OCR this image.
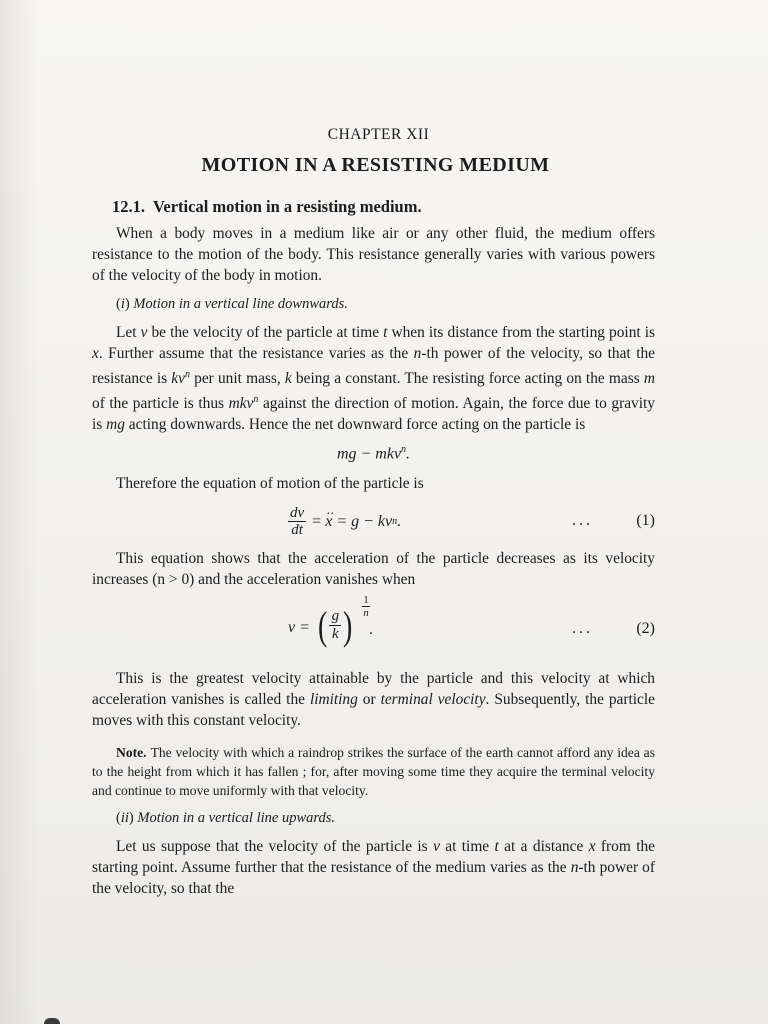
CHAPTER XII
MOTION IN A RESISTING MEDIUM
12.1. Vertical motion in a resisting medium.

When a body moves in a medium like air or any other fluid, the medium offers resistance to the motion of the body. This resistance generally varies with various powers of the velocity of the body in motion.

(i) Motion in a vertical line downwards.

Let v be the velocity of the particle at time t when its distance from the starting point is x. Further assume that the resistance varies as the n-th power of the velocity, so that the resistance is $kv^n$ per unit mass, k being a constant. The resisting force acting on the mass m of the particle is thus mkv$^n$ against the direction of motion. Again, the force due to gravity is mg acting downwards. Hence the net downward force acting on the particle is

mg − mkv$^n$.

Therefore the equation of motion of the particle is

$\frac{dv}{dt}$ =
‥ x = g − kv n .	...	(1)

This equation shows that the acceleration of the particle decreases as its velocity increases (n > 0) and the acceleration vanishes when

v = ( $\frac{g}{k}$ )
1
n
.	...	(2)

This is the greatest velocity attainable by the particle and this velocity at which acceleration vanishes is called the limiting or terminal velocity. Subsequently, the particle moves with this constant velocity.

Note. The velocity with which a raindrop strikes the surface of the earth cannot afford any idea as to the height from which it has fallen ; for, after moving some time they acquire the terminal velocity and continue to move uniformly with that velocity.

(ii) Motion in a vertical line upwards.

Let us suppose that the velocity of the particle is v at time t at a distance x from the starting point. Assume further that the resistance of the medium varies as the n-th power of the velocity, so that the
